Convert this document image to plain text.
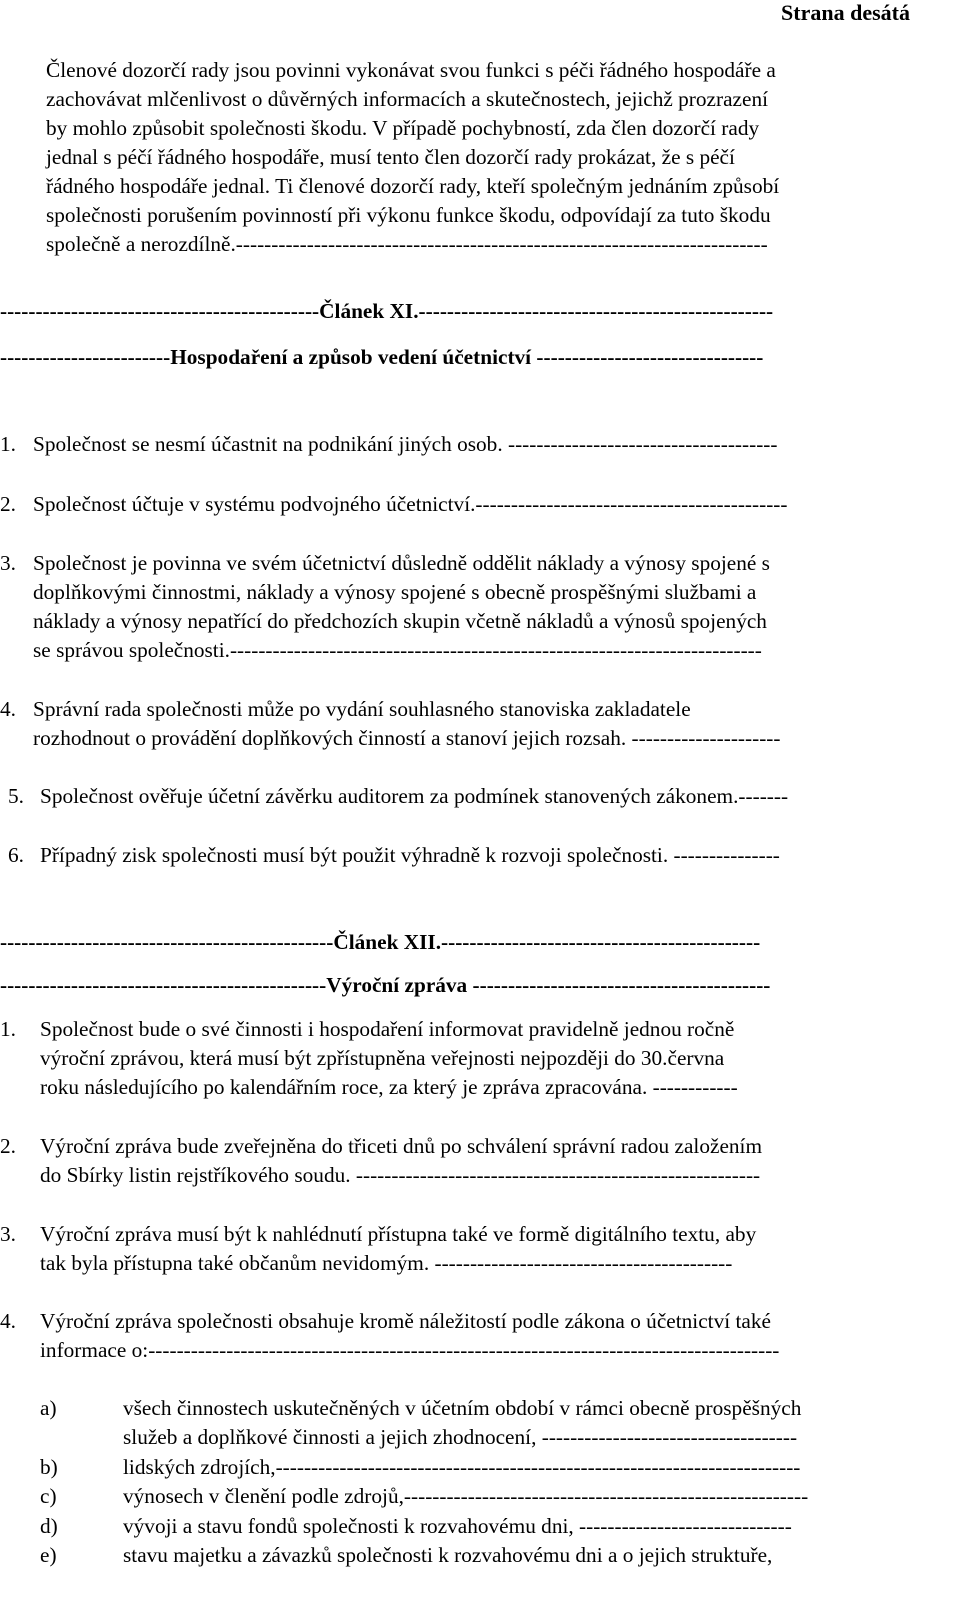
Strana desátá
Členové dozorčí rady jsou povinni vykonávat svou funkci s péči řádného hospodáře a
zachovávat mlčenlivost o důvěrných informacích a skutečnostech, jejichž prozrazení
by mohlo způsobit společnosti škodu. V případě pochybností, zda člen dozorčí rady
jednal s péčí řádného hospodáře, musí tento člen dozorčí rady prokázat, že s péčí
řádného hospodáře jednal. Ti členové dozorčí rady, kteří společným jednáním způsobí
společnosti porušením povinností při výkonu funkce škodu, odpovídají za tuto škodu
společně a nerozdílně.---------------------------------------------------------------------------
---------------------------------------------Článek XI.--------------------------------------------------
------------------------Hospodaření a způsob vedení účetnictví --------------------------------
1. Společnost se nesmí účastnit na podnikání jiných osob. --------------------------------------
2. Společnost účtuje v systému podvojného účetnictví.--------------------------------------------
3. Společnost je povinna ve svém účetnictví důsledně oddělit náklady a výnosy spojené s
doplňkovými činnostmi, náklady a výnosy spojené s obecně prospěšnými službami a
náklady a výnosy nepatřící do předchozích skupin včetně nákladů a výnosů spojených
se správou společnosti.---------------------------------------------------------------------------
4. Správní rada společnosti může po vydání souhlasného stanoviska zakladatele
rozhodnout o provádění doplňkových činností a stanoví jejich rozsah. ---------------------
5. Společnost ověřuje účetní závěrku auditorem za podmínek stanovených zákonem.-------
6. Případný zisk společnosti musí být použit výhradně k rozvoji společnosti. ---------------
-----------------------------------------------Článek XII.---------------------------------------------
----------------------------------------------Výroční zpráva ------------------------------------------
1. Společnost bude o své činnosti i hospodaření informovat pravidelně jednou ročně
výroční zprávou, která musí být zpřístupněna veřejnosti nejpozději do 30.června
roku následujícího po kalendářním roce, za který je zpráva zpracována. ------------
2. Výroční zpráva bude zveřejněna do třiceti dnů po schválení správní radou založením
do Sbírky listin rejstříkového soudu. ---------------------------------------------------------
3. Výroční zpráva musí být k nahlédnutí přístupna také ve formě digitálního textu, aby
tak byla přístupna také občanům nevidomým. ------------------------------------------
4. Výroční zpráva společnosti obsahuje kromě náležitostí podle zákona o účetnictví také
informace o:-----------------------------------------------------------------------------------------
a)	všech činnostech uskutečněných v účetním období v rámci obecně prospěšných
služeb a doplňkové činnosti a jejich zhodnocení, ------------------------------------
b)	lidských zdrojích,--------------------------------------------------------------------------
c)	výnosech v členění podle zdrojů,---------------------------------------------------------
d)	vývoji a stavu fondů společnosti k rozvahovému dni, ------------------------------
e)	stavu majetku a závazků společnosti k rozvahovému dni a o jejich struktuře,
